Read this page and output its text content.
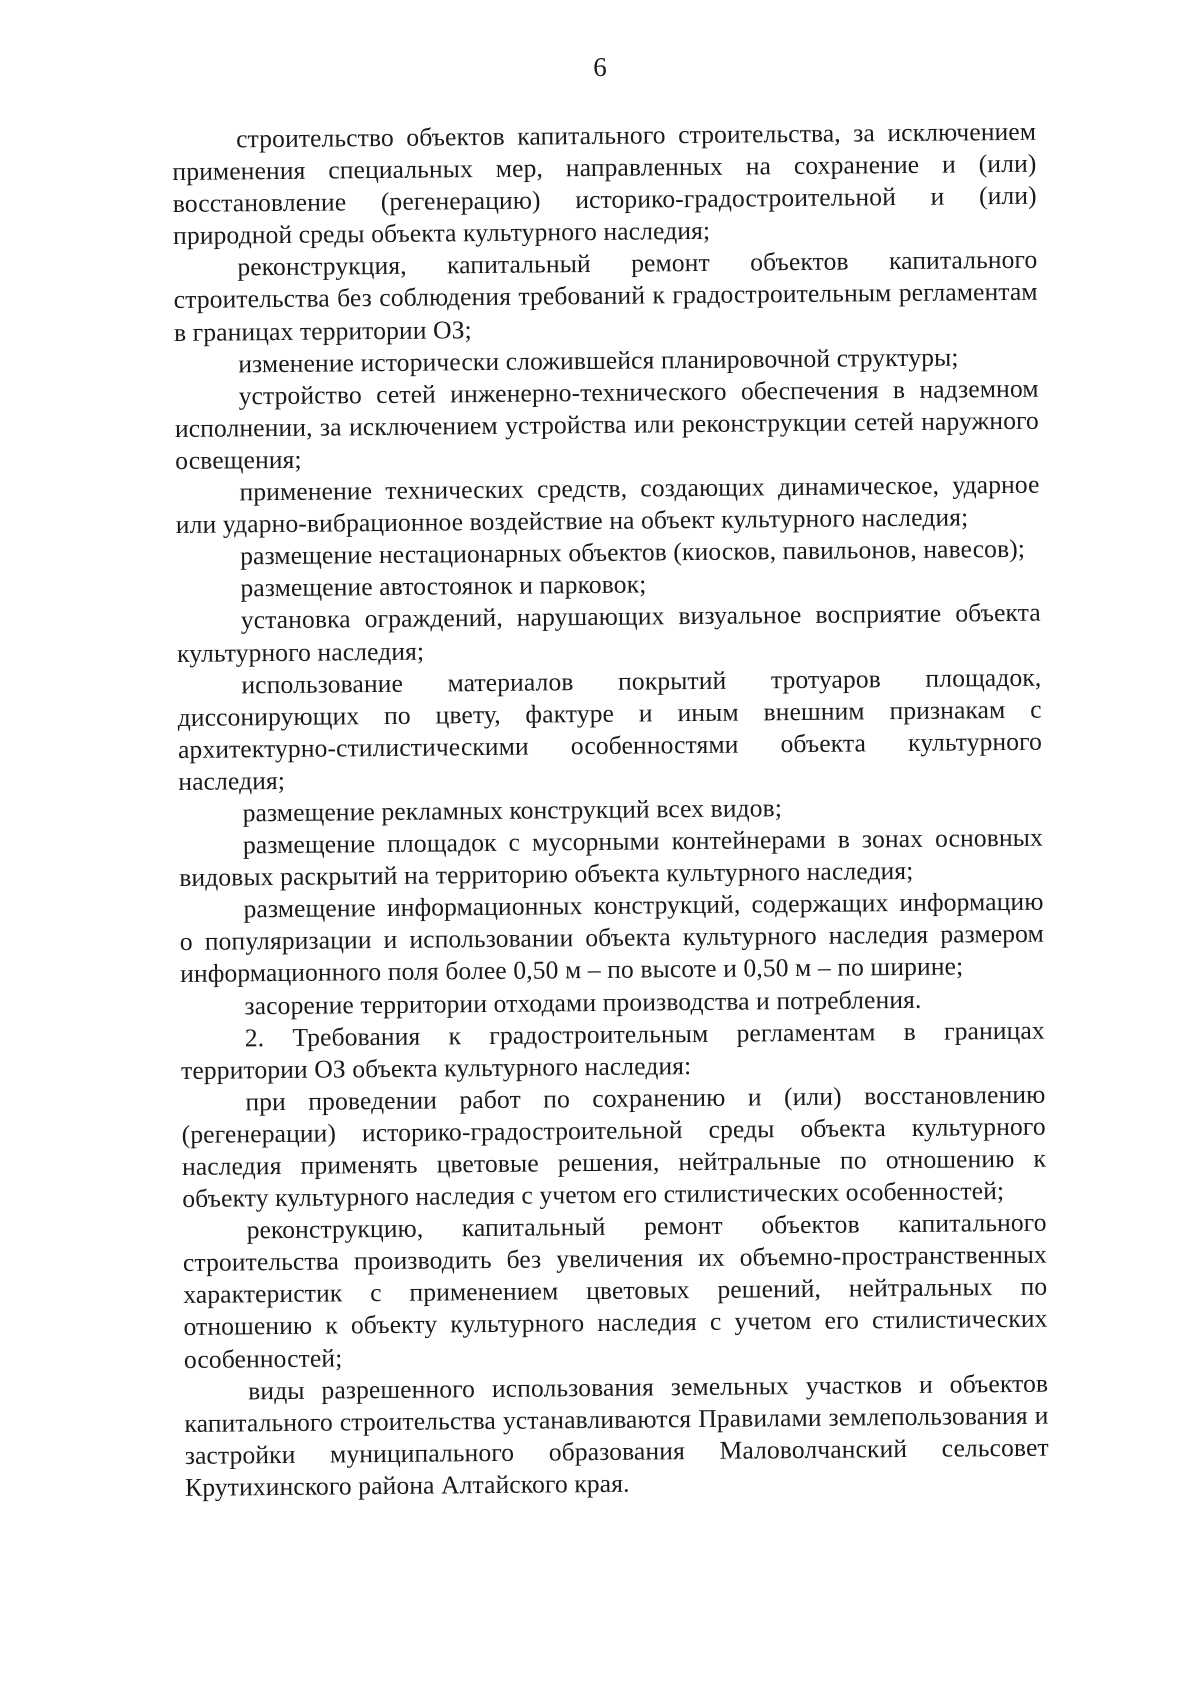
6

строительство объектов капитального строительства, за исключением применения специальных мер, направленных на сохранение и (или) восстановление (регенерацию) историко-градостроительной и (или) природной среды объекта культурного наследия;

реконструкция, капитальный ремонт объектов капитального строительства без соблюдения требований к градостроительным регламентам в границах территории ОЗ;

изменение исторически сложившейся планировочной структуры;

устройство сетей инженерно-технического обеспечения в надземном исполнении, за исключением устройства или реконструкции сетей наружного освещения;

применение технических средств, создающих динамическое, ударное или ударно-вибрационное воздействие на объект культурного наследия;

размещение нестационарных объектов (киосков, павильонов, навесов);

размещение автостоянок и парковок;

установка ограждений, нарушающих визуальное восприятие объекта культурного наследия;

использование материалов покрытий тротуаров площадок, диссонирующих по цвету, фактуре и иным внешним признакам с архитектурно-стилистическими особенностями объекта культурного наследия;

размещение рекламных конструкций всех видов;

размещение площадок с мусорными контейнерами в зонах основных видовых раскрытий на территорию объекта культурного наследия;

размещение информационных конструкций, содержащих информацию о популяризации и использовании объекта культурного наследия размером информационного поля более 0,50 м – по высоте и 0,50 м – по ширине;

засорение территории отходами производства и потребления.

2. Требования к градостроительным регламентам в границах территории ОЗ объекта культурного наследия:

при проведении работ по сохранению и (или) восстановлению (регенерации) историко-градостроительной среды объекта культурного наследия применять цветовые решения, нейтральные по отношению к объекту культурного наследия с учетом его стилистических особенностей;

реконструкцию, капитальный ремонт объектов капитального строительства производить без увеличения их объемно-пространственных характеристик с применением цветовых решений, нейтральных по отношению к объекту культурного наследия с учетом его стилистических особенностей;

виды разрешенного использования земельных участков и объектов капитального строительства устанавливаются Правилами землепользования и застройки муниципального образования Маловолчанский сельсовет Крутихинского района Алтайского края.
